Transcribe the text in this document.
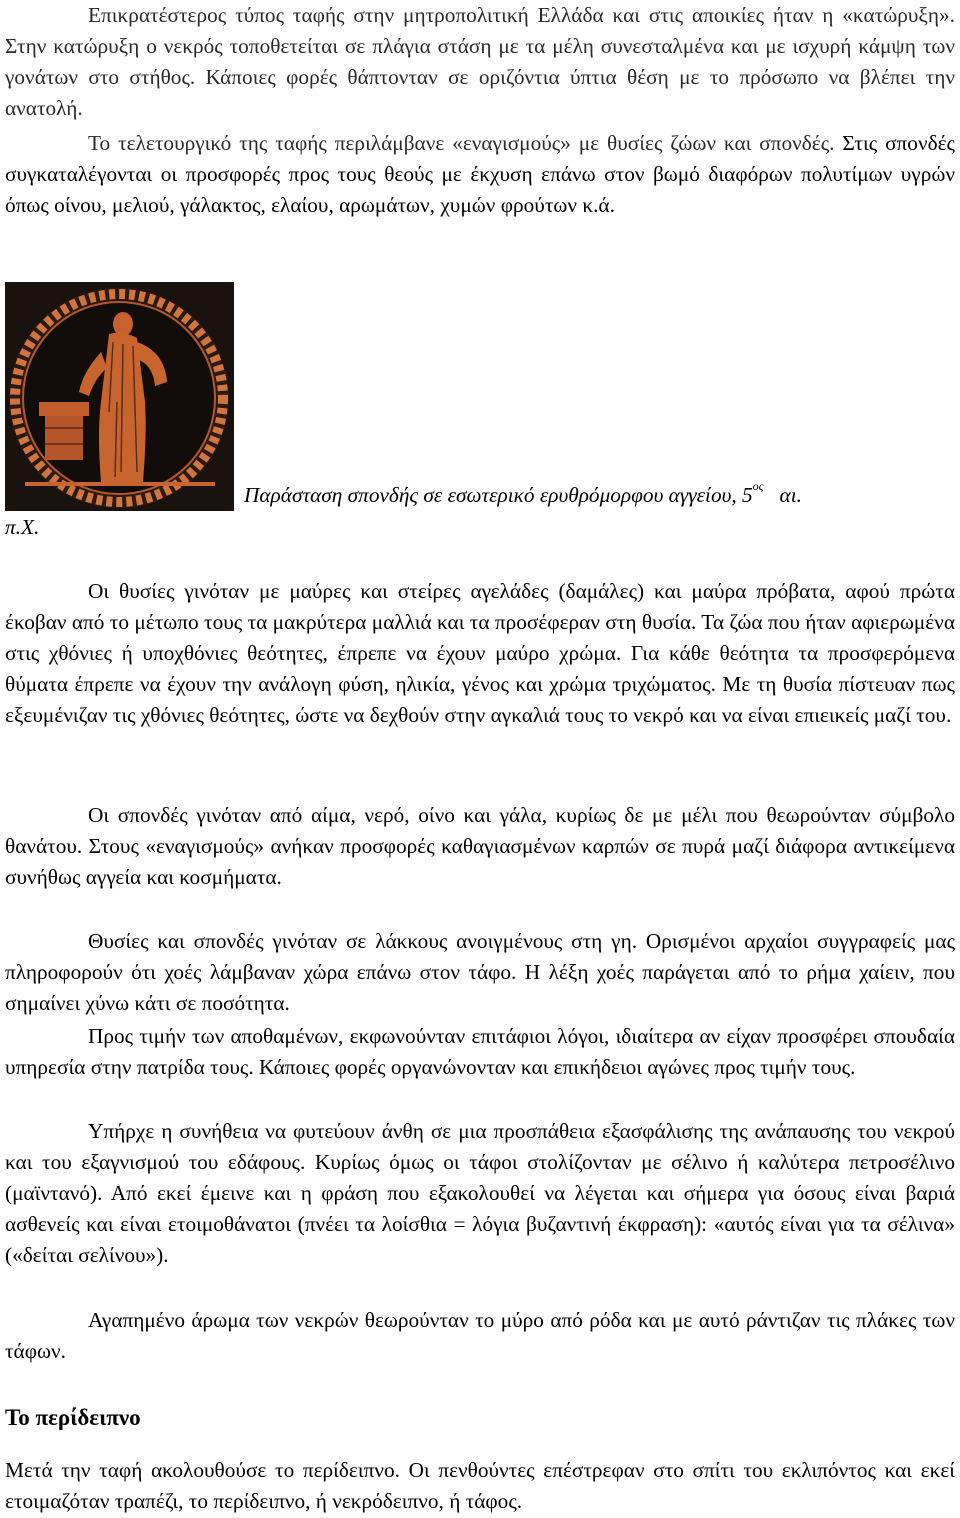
Επικρατέστερος τύπος ταφής στην μητροπολιτική Ελλάδα και στις αποικίες ήταν η «κατώρυξη». Στην κατώρυξη ο νεκρός τοποθετείται σε πλάγια στάση με τα μέλη συνεσταλμένα και με ισχυρή κάμψη των γονάτων στο στήθος. Κάποιες φορές θάπτονταν σε οριζόντια ύπτια θέση με το πρόσωπο να βλέπει την ανατολή.

Το τελετουργικό της ταφής περιλάμβανε «εναγισμούς» με θυσίες ζώων και σπονδές. Στις σπονδές συγκαταλέγονται οι προσφορές προς τους θεούς με έκχυση επάνω στον βωμό διαφόρων πολυτίμων υγρών όπως οίνου, μελιού, γάλακτος, ελαίου, αρωμάτων, χυμών φρούτων κ.ά.

Παράσταση σπονδής σε εσωτερικό ερυθρόμορφου αγγείου, $5^{o\varsigma}$   αι.
π.Χ.

Οι θυσίες γινόταν με μαύρες και στείρες αγελάδες (δαμάλες) και μαύρα πρόβατα, αφού πρώτα έκοβαν από το μέτωπο τους τα μακρύτερα μαλλιά και τα προσέφεραν στη θυσία. Τα ζώα που ήταν αφιερωμένα στις χθόνιες ή υποχθόνιες θεότητες, έπρεπε να έχουν μαύρο χρώμα. Για κάθε θεότητα τα προσφερόμενα θύματα έπρεπε να έχουν την ανάλογη φύση, ηλικία, γένος και χρώμα τριχώματος. Με τη θυσία πίστευαν πως εξευμένιζαν τις χθόνιες θεότητες, ώστε να δεχθούν στην αγκαλιά τους το νεκρό και να είναι επιεικείς μαζί του.

Οι σπονδές γινόταν από αίμα, νερό, οίνο και γάλα, κυρίως δε με μέλι που θεωρούνταν σύμβολο θανάτου. Στους «εναγισμούς» ανήκαν προσφορές καθαγιασμένων καρπών σε πυρά μαζί διάφορα αντικείμενα συνήθως αγγεία και κοσμήματα.

Θυσίες και σπονδές γινόταν σε λάκκους ανοιγμένους στη γη. Ορισμένοι αρχαίοι συγγραφείς μας πληροφορούν ότι χοές λάμβαναν χώρα επάνω στον τάφο. Η λέξη χοές παράγεται από το ρήμα χαίειν, που σημαίνει χύνω κάτι σε ποσότητα.

Προς τιμήν των αποθαμένων, εκφωνούνταν επιτάφιοι λόγοι, ιδιαίτερα αν είχαν προσφέρει σπουδαία υπηρεσία στην πατρίδα τους. Κάποιες φορές οργανώνονταν και επικήδειοι αγώνες προς τιμήν τους.

Υπήρχε η συνήθεια να φυτεύουν άνθη σε μια προσπάθεια εξασφάλισης της ανάπαυσης του νεκρού και του εξαγνισμού του εδάφους. Κυρίως όμως οι τάφοι στολίζονταν με σέλινο ή καλύτερα πετροσέλινο (μαϊντανό). Από εκεί έμεινε και η φράση που εξακολουθεί να λέγεται και σήμερα για όσους είναι βαριά ασθενείς και είναι ετοιμοθάνατοι (πνέει τα λοίσθια = λόγια βυζαντινή έκφραση): «αυτός είναι για τα σέλινα» («δείται σελίνου»).

Αγαπημένο άρωμα των νεκρών θεωρούνταν το μύρο από ρόδα και με αυτό ράντιζαν τις πλάκες των τάφων.

Το περίδειπνο

Μετά την ταφή ακολουθούσε το περίδειπνο. Οι πενθούντες επέστρεφαν στο σπίτι του εκλιπόντος και εκεί ετοιμαζόταν τραπέζι, το περίδειπνο, ή νεκρόδειπνο, ή τάφος.
